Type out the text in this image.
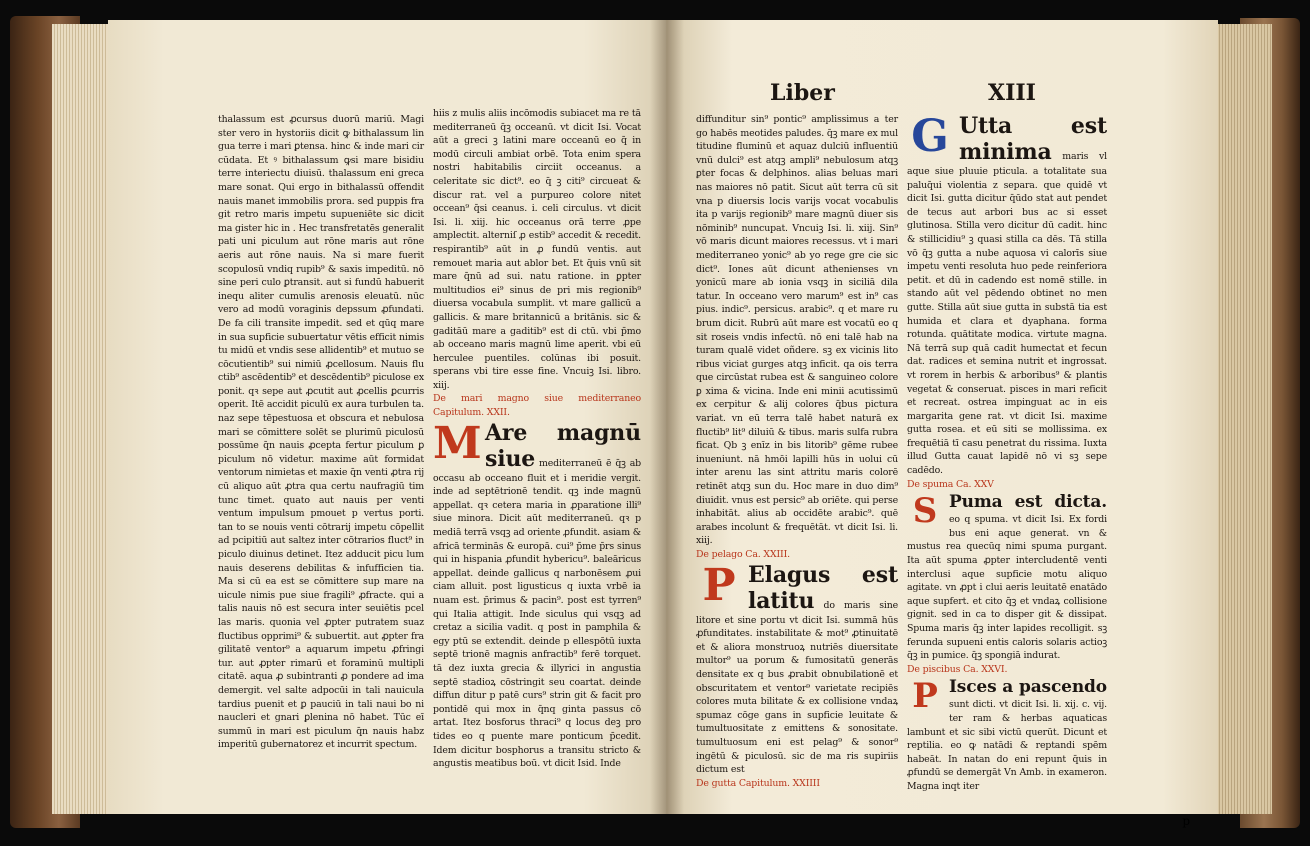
Liber	XIII

thalassum est ꝓcursus duorū mariū. Magi ster vero in hystoriis dicit ꝙ bithalassum lin gua terre i mari ꝑtensa. hinc & inde mari cir cūdata. Et ꝰ bithalassum ꝙsi mare bisidiu terre interiectu diuisū. thalassum eni greca mare sonat. Qui ergo in bithalassū offendit nauis manet immobilis prora. sed puppis fra git retro maris impetu supueniēte sic dicit ma gister hic in . Hec transfretatēs generalit pati uni piculum aut rōne maris aut rōne aeris aut rōne nauis. Na si mare fuerit scopulosū vndiq rupib⁹ & saxis impeditū. nō sine peri culo ꝑtransit. aut si fundū habuerit inequ aliter cumulis arenosis eleuatū. nūc vero ad modū voraginis depssum ꝓfundati. De fa cili transite impedit. sed et qūq mare in sua supficie subuertatur vētis efficit nimis tu midū et vndis sese allidentib⁹ et mutuo se cōcutientib⁹ sui nimiū ꝓcellosum. Nauis flu ctib⁹ ascēdentib⁹ et descēdentib⁹ piculose ex ponit. qꝛ sepe aut ꝓcutit aut ꝓcellis ꝑcurris operit. Itē accidit piculū ex aura turbulen ta. naz sepe tēpestuosa et obscura et nebulosa mari se cōmittere solēt se plurimū piculosū possūme q̄n nauis ꝓcepta fertur piculum ꝑ piculum nō videtur. maxime aūt formidat ventorum nimietas et maxie q̄n venti ꝓtra rij cū aliquo aūt ꝓtra qua certu naufragiū tim tunc timet. quato aut nauis per venti ventum impulsum pmouet p vertus porti. tan to se nouis venti cōtrarij impetu cōpellit ad pcipitiū aut saltez inter cōtrarios fluct⁹ in piculo diuinus detinet. Itez adducit picu lum nauis deserens debilitas & infufficien tia. Ma si cū ea est se cōmittere sup mare na uicule nimis pue siue fragili⁹ ꝓfracte. qui a talis nauis nō est secura inter seuiētis pcel las maris. quonia vel ꝓpter putratem suaz fluctibus opprimi⁹ & subuertit. aut ꝓpter fra gilitatē ventor⁹ a aquarum impetu ꝓfringi tur. aut ꝓpter rimarū et foraminū multipli citatē. aqua ꝓ subintranti ꝓ pondere ad ima demergit. vel salte adpocūi in tali nauicula tardius puenit et ꝑ pauciū in tali naui bo ni naucleri et gnari ꝑlenina nō habet. Tūc eī summū in mari est piculum q̄n nauis habz imperitū gubernatorez et incurrit spectum.

hiis z mulis aliis incōmodis subiacet ma re tā mediterraneū q̄ꝫ occeanū. vt dicit Isi. Vocat aūt a greci ꝫ latini mare occeanū eo q̄ in modū circuli ambiat orbē. Tota enim spera nostri habitabilis circiit occeanus. a celeritate sic dict⁹. eo q̄ ꝫ citi⁹ circueat & discur rat. vel a purpureo colore nitet occean⁹ q̄si ceanus. i. celi circulus. vt dicit Isi. li. xiij. hic occeanus orā terre ꝓpe amplectit. alterniſ ꝓ estib⁹ accedit & recedit. respirantib⁹ aūt in ꝓ fundū ventis. aut remouet maria aut ablor bet. Et q̄uis vnū sit mare q̄nū ad sui. natu ratione. in ꝑpter multitudios ei⁹ sinus de pri mis regionib⁹ diuersa vocabula sumplit. vt mare gallicū a gallicis. & mare britannicū a britānis. sic & gaditāū mare a gaditib⁹ est di ctū. vbi p̄mo ab occeano maris magnū lime aperit. vbi eū herculee puentiles. colūnas ibi posuit. sperans vbi tire esse fine. Vncuiꝫ Isi. libro. xiij.

De mari magno siue mediterraneo Capitulum. XXII.

M Are magnū siue mediterraneū ē q̄ꝫ ab occasu ab occeano fluit et i meridie vergit. inde ad septētrionē tendit. qꝫ inde magnū appellat. qꝛ cetera maria in ꝓparatione illi⁹ siue minora. Dicit aūt mediterraneū. qꝛ p mediā terrā vsqꝫ ad oriente ꝓfundit. asiam & africā terminās & europā. cui⁹ p̄me p̄rs sinus qui in hispania ꝓfundit hybericu⁹. baleāricus appellat. deinde gallicus q narbonēsem ꝓui ciam alluit. post ligusticus q iuxta vrbē ia nuam est. p̄rimus & pacin⁹. post est tyrren⁹ qui Italia attigit. Inde siculus qui vsqꝫ ad cretaz a sicilia vadit. q post in pamphila & egy ptū se extendit. deinde p ellespōtū iuxta septē trionē magnis anfractib⁹ ferē torquet. tā dez iuxta grecia & illyrici in angustia septē stadioꝝ cōstringit seu coartat. deinde diffun ditur p patē curs⁹ strin git & facit pro pontidē qui mox in q̄nq ginta passus cō artat. Itez bosforus thraci⁹ q locus deꝫ pro tides eo q puente mare ponticum p̄cedit. Idem dicitur bosphorus a transitu stricto & angustis meatibus boū. vt dicit Isid. Inde

diffunditur sin⁹ pontic⁹ amplissimus a ter go habēs meotides paludes. q̄ꝫ mare ex mul titudine fluminū et aquaz dulciū influentiū vnū dulci⁹ est atqꝫ ampli⁹ nebulosum atqꝫ ꝑter focas & delphinos. alias beluas mari nas maiores nō patit. Sicut aūt terra cū sit vna p diuersis locis varijs vocat vocabulis ita p varijs regionib⁹ mare magnū diuer sis nōminib⁹ nuncupat. Vncuiꝫ Isi. li. xiij. Sin⁹ vō maris dicunt maiores recessus. vt i mari mediterraneo yonic⁹ ab yo rege gre cie sic dict⁹. Iones aūt dicunt athenienses vn yonicū mare ab ionia vsqꝫ in siciliā dila tatur. In occeano vero marum⁹ est in⁹ cas pius. indic⁹. persicus. arabic⁹. q et mare ru brum dicit. Rubrū aūt mare est vocatū eo q sit roseis vndis infectū. nō eni talē hab na turam qualē videt oñdere. sꝫ ex vicinis lito ribus viciat gurges atqꝫ inficit. qa ois terra que circūstat rubea est & sanguineo colore ꝑ xima & vicina. Inde eni minii acutissimū ex cerpitur & alij colores q̄bus pictura variat. vn eū terra talē habet naturā ex fluctib⁹ lit⁹ diluiū & tibus. maris sulfa rubra ficat. Qb ꝫ enīz in bis litorib⁹ gēme rubee inueniunt. nā hmōi lapilli hūs in uolui cū inter arenu las sint attritu maris colorē retinēt atqꝫ sun du. Hoc mare in duo dim⁹ diuidit. vnus est persic⁹ ab oriēte. qui perse inhabitāt. alius ab occidēte arabic⁹. quē arabes incolunt & frequētāt. vt dicit Isi. li. xiij.

De pelago Ca. XXIII.

P Elagus est latitu do maris sine litore et sine portu vt dicit Isi. summā hūs ꝓfunditates. instabilitate & mot⁹ ꝓtinuitatē et & aliora monstruoꝝ nutriēs diuersitate multor⁹ ua porum & fumositatū generās densitate ex q bus ꝓrabit obnubilationē et obscuritatem et ventor⁹ varietate recipiēs colores muta bilitate & ex collisione vndaꝝ spumaz cōge gans in supficie leuitate & tumultuositate z emittens & sonositate. tumultuosum eni est pelag⁹ & sonor⁹ ingētū & piculosū. sic de ma ris supiriis dictum est

De gutta Capitulum. XXIIII

G Utta est minima maris vl aque siue pluuie pticula. a totalitate sua paluq̄ui violentia z separa. que quidē vt dicit Isi. gutta dicitur q̄ūdo stat aut pendet de tecus aut arbori bus ac si esset glutinosa. Stilla vero dicitur dū cadit. hinc & stillicidiu⁹ ꝫ quasi stilla ca dēs. Tā stilla vō q̄ꝫ gutta a nube aquosa vi calorīs siue impetu venti resoluta huo pede reinferiora petit. et dū in cadendo est nomē stille. in stando aūt vel pēdendo obtinet no men gutte. Stilla aūt siue gutta in substā tia est humida et clara et dyaphana. forma rotunda. quātitate modica. virtute magna. Nā terrā sup quā cadit humectat et fecun dat. radices et semina nutrit et ingrossat. vt rorem in herbis & arboribus⁹ & plantis vegetat & conseruat. pisces in mari reficit et recreat. ostrea impinguat ac in eis margarita gene rat. vt dicit Isi. maxime gutta rosea. et eū siti se mollissima. ex frequētiā tī casu penetrat du rissima. Iuxta illud Gutta cauat lapidē nō vi sꝫ sepe cadēdo.

De spuma Ca. XXV

S Puma est dicta. eo q spuma. vt dicit Isi. Ex fordi bus eni aque generat. vn & mustus rea quecūq nimi spuma purgant. Ita aūt spuma ꝓpter intercludentē venti interclusi aque supficie motu aliquo agitate. vn ꝓpt i clui aeris leuitatē enatādo aque supfert. et cito q̄ꝫ et vndaꝝ collisione gignit. sed in ca to disper git & dissipat. Spuma maris q̄ꝫ inter lapides recolligit. sꝫ ferunda supueni entis caloris solaris actioꝫ q̄ꝫ in pumice. q̄ꝫ spongiā indurat.

De piscibus Ca. XXVI.

P Isces a pascendo sunt dicti. vt dicit Isi. li. xij. c. vij. ter ram & herbas aquaticas lambunt et sic sibi victū querūt. Dicunt et reptilia. eo ꝙ natādi & reptandi spēm habeāt. In natan do eni repunt q̄uis in ꝓfundū se demergāt Vn Amb. in exameron. Magna inqt iter
p
